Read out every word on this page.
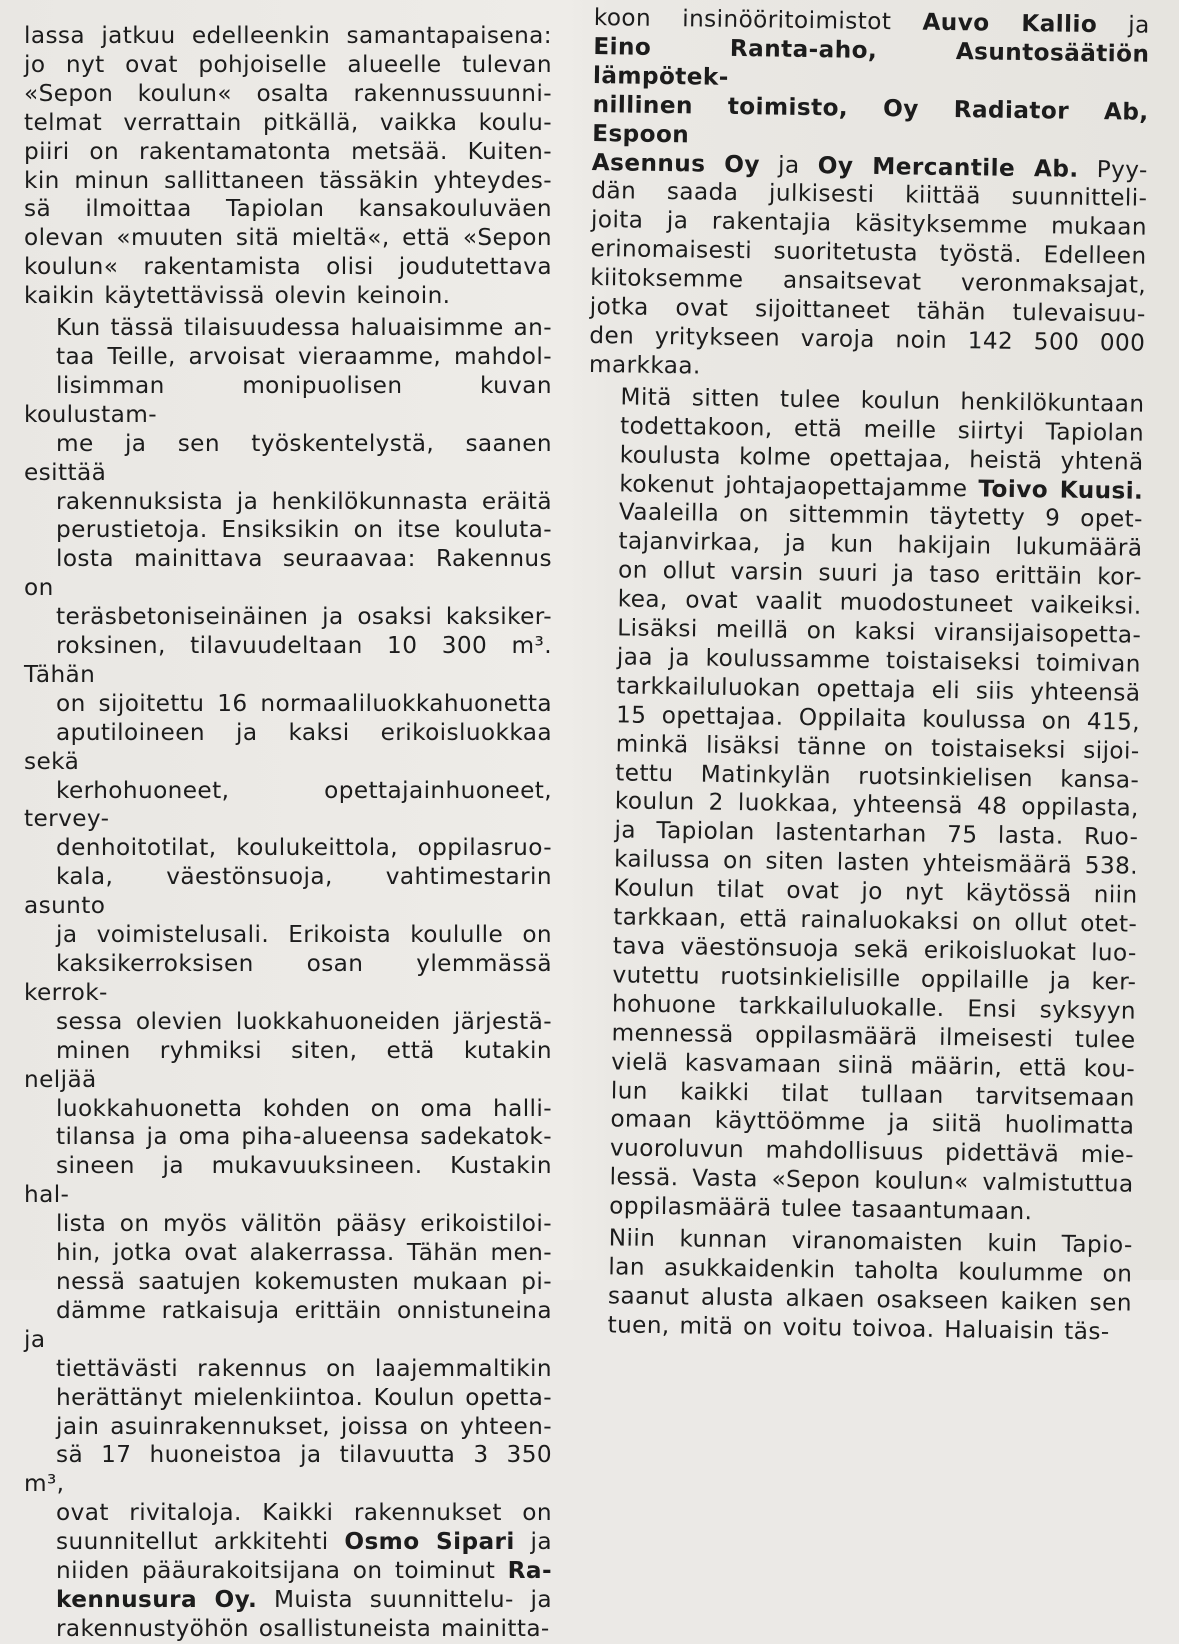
lassa jatkuu edelleenkin samantapaisena:
jo nyt ovat pohjoiselle alueelle tulevan
«Sepon koulun« osalta rakennussuunni-
telmat verrattain pitkällä, vaikka koulu-
piiri on rakentamatonta metsää. Kuiten-
kin minun sallittaneen tässäkin yhteydes-
sä ilmoittaa Tapiolan kansakouluväen
olevan «muuten sitä mieltä«, että «Sepon
koulun« rakentamista olisi joudutettava
kaikin käytettävissä olevin keinoin.

Kun tässä tilaisuudessa haluaisimme an-
taa Teille, arvoisat vieraamme, mahdol-
lisimman monipuolisen kuvan koulustam-
me ja sen työskentelystä, saanen esittää
rakennuksista ja henkilökunnasta eräitä
perustietoja. Ensiksikin on itse kouluta-
losta mainittava seuraavaa: Rakennus on
teräsbetoniseinäinen ja osaksi kaksiker-
roksinen, tilavuudeltaan 10 300 m³. Tähän
on sijoitettu 16 normaaliluokkahuonetta
aputiloineen ja kaksi erikoisluokkaa sekä
kerhohuoneet, opettajainhuoneet, tervey-
denhoitotilat, koulukeittola, oppilasruo-
kala, väestönsuoja, vahtimestarin asunto
ja voimistelusali. Erikoista koululle on
kaksikerroksisen osan ylemmässä kerrok-
sessa olevien luokkahuoneiden järjestä-
minen ryhmiksi siten, että kutakin neljää
luokkahuonetta kohden on oma halli-
tilansa ja oma piha-alueensa sadekatok-
sineen ja mukavuuksineen. Kustakin hal-
lista on myös välitön pääsy erikoistiloi-
hin, jotka ovat alakerrassa. Tähän men-
nessä saatujen kokemusten mukaan pi-
dämme ratkaisuja erittäin onnistuneina ja
tiettävästi rakennus on laajemmaltikin
herättänyt mielenkiintoa. Koulun opetta-
jain asuinrakennukset, joissa on yhteen-
sä 17 huoneistoa ja tilavuutta 3 350 m³,
ovat rivitaloja. Kaikki rakennukset on
suunnitellut arkkitehti Osmo Sipari ja
niiden pääurakoitsijana on toiminut Ra-
kennusura Oy. Muista suunnittelu- ja
rakennustyöhön osallistuneista mainitta-

koon insinööritoimistot Auvo Kallio ja
Eino Ranta-aho, Asuntosäätiön lämpötek-
nillinen toimisto, Oy Radiator Ab, Espoon
Asennus Oy ja Oy Mercantile Ab. Pyy-
dän saada julkisesti kiittää suunnitteli-
joita ja rakentajia käsityksemme mukaan
erinomaisesti suoritetusta työstä. Edelleen
kiitoksemme ansaitsevat veronmaksajat,
jotka ovat sijoittaneet tähän tulevaisuu-
den yritykseen varoja noin 142 500 000
markkaa.

Mitä sitten tulee koulun henkilökuntaan
todettakoon, että meille siirtyi Tapiolan
koulusta kolme opettajaa, heistä yhtenä
kokenut johtajaopettajamme Toivo Kuusi.
Vaaleilla on sittemmin täytetty 9 opet-
tajanvirkaa, ja kun hakijain lukumäärä
on ollut varsin suuri ja taso erittäin kor-
kea, ovat vaalit muodostuneet vaikeiksi.
Lisäksi meillä on kaksi viransijaisopetta-
jaa ja koulussamme toistaiseksi toimivan
tarkkailuluokan opettaja eli siis yhteensä
15 opettajaa. Oppilaita koulussa on 415,
minkä lisäksi tänne on toistaiseksi sijoi-
tettu Matinkylän ruotsinkielisen kansa-
koulun 2 luokkaa, yhteensä 48 oppilasta,
ja Tapiolan lastentarhan 75 lasta. Ruo-
kailussa on siten lasten yhteismäärä 538.
Koulun tilat ovat jo nyt käytössä niin
tarkkaan, että rainaluokaksi on ollut otet-
tava väestönsuoja sekä erikoisluokat luo-
vutettu ruotsinkielisille oppilaille ja ker-
hohuone tarkkailuluokalle. Ensi syksyyn
mennessä oppilasmäärä ilmeisesti tulee
vielä kasvamaan siinä määrin, että kou-
lun kaikki tilat tullaan tarvitsemaan
omaan käyttöömme ja siitä huolimatta
vuoroluvun mahdollisuus pidettävä mie-
lessä. Vasta «Sepon koulun« valmistuttua
oppilasmäärä tulee tasaantumaan.

Niin kunnan viranomaisten kuin Tapio-
lan asukkaidenkin taholta koulumme on
saanut alusta alkaen osakseen kaiken sen
tuen, mitä on voitu toivoa. Haluaisin täs-
